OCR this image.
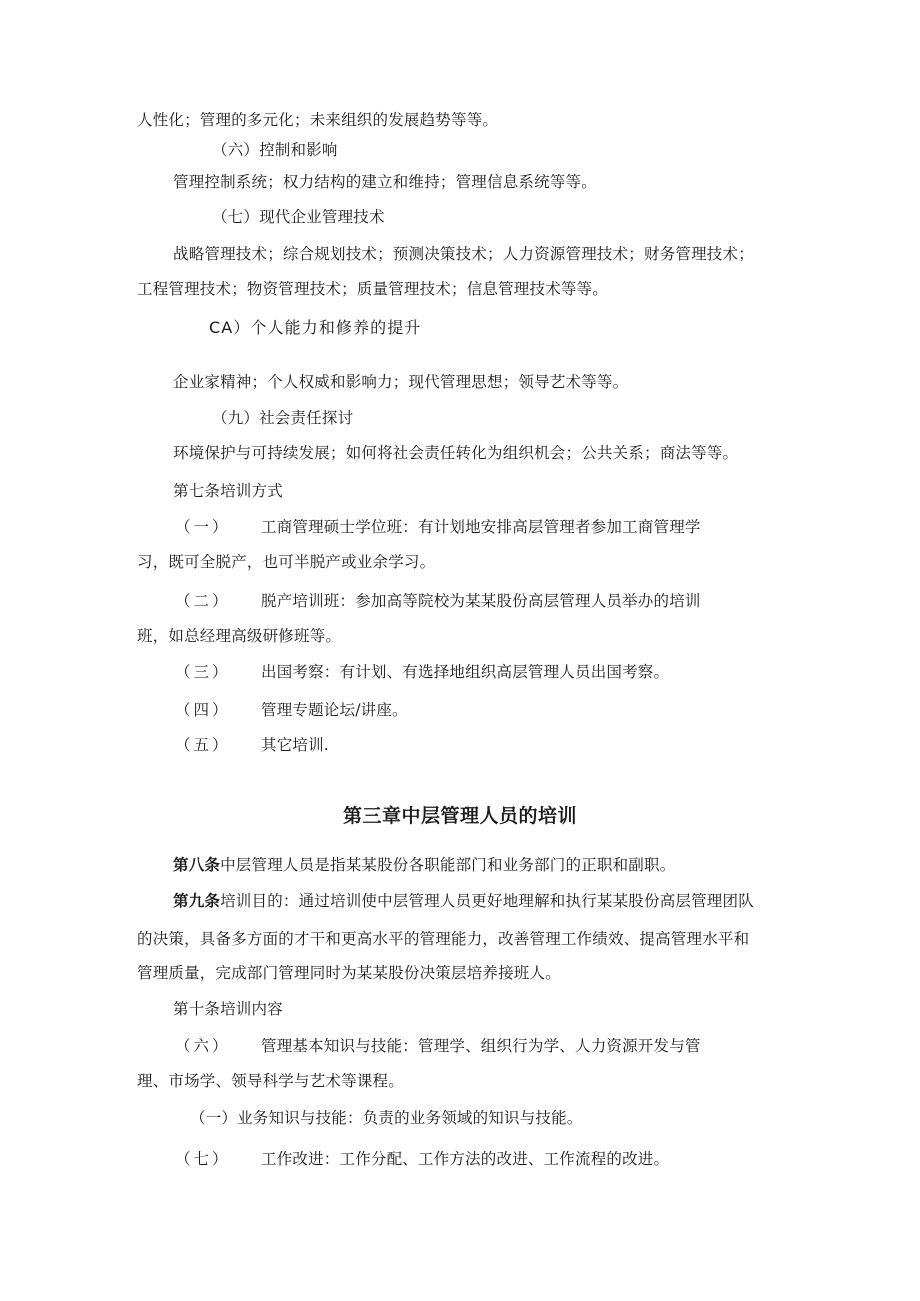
人性化；管理的多元化；未来组织的发展趋势等等。
（六）控制和影响
管理控制系统；权力结构的建立和维持；管理信息系统等等。
（七）现代企业管理技术
战略管理技术；综合规划技术；预测决策技术；人力资源管理技术；财务管理技术；
工程管理技术；物资管理技术；质量管理技术；信息管理技术等等。
CA）个人能力和修养的提升
企业家精神；个人权威和影响力；现代管理思想；领导艺术等等。
（九）社会责任探讨
环境保护与可持续发展；如何将社会责任转化为组织机会；公共关系；商法等等。
第七条培训方式
（一） 工商管理硕士学位班：有计划地安排高层管理者参加工商管理学
习，既可全脱产，也可半脱产或业余学习。
（二） 脱产培训班：参加高等院校为某某股份高层管理人员举办的培训
班，如总经理高级研修班等。
（三） 出国考察：有计划、有选择地组织高层管理人员出国考察。
（四） 管理专题论坛/讲座。
（五） 其它培训.
第三章中层管理人员的培训
第八条中层管理人员是指某某股份各职能部门和业务部门的正职和副职。
第九条培训目的：通过培训使中层管理人员更好地理解和执行某某股份高层管理团队
的决策，具备多方面的才干和更高水平的管理能力，改善管理工作绩效、提高管理水平和
管理质量，完成部门管理同时为某某股份决策层培养接班人。
第十条培训内容
（六） 管理基本知识与技能：管理学、组织行为学、人力资源开发与管
理、市场学、领导科学与艺术等课程。
（一）业务知识与技能：负责的业务领域的知识与技能。
（七） 工作改进：工作分配、工作方法的改进、工作流程的改进。
